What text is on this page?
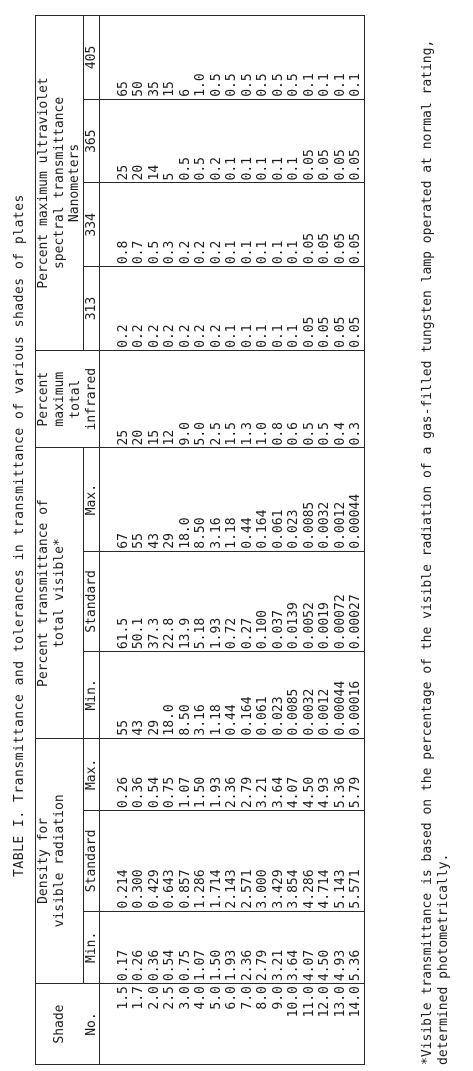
TABLE I. Transmittance and tolerances in transmittance of various shades of plates
	Density for			Percent transmittance of			Percent	Percent maximum ultraviolet			
Shade	visible radiation			total visible*			maximum	spectral transmittance			
							total	Nanometers			
No.	Min.	Standard	Max.	Min.	Standard	Max.	infrared	313	334	365	405

1.5	0.17	0.214	0.26	55	61.5	67	25	0.2	0.8	25	65
1.7	0.26	0.300	0.36	43	50.1	55	20	0.2	0.7	20	50
2.0	0.36	0.429	0.54	29	37.3	43	15	0.2	0.5	14	35
2.5	0.54	0.643	0.75	18.0	22.8	29	12	0.2	0.3	5	15
3.0	0.75	0.857	1.07	8.50	13.9	18.0	9.0	0.2	0.2	0.5	6
4.0	1.07	1.286	1.50	3.16	5.18	8.50	5.0	0.2	0.2	0.5	1.0
5.0	1.50	1.714	1.93	1.18	1.93	3.16	2.5	0.2	0.2	0.2	0.5
6.0	1.93	2.143	2.36	0.44	0.72	1.18	1.5	0.1	0.1	0.1	0.5
7.0	2.36	2.571	2.79	0.164	0.27	0.44	1.3	0.1	0.1	0.1	0.5
8.0	2.79	3.000	3.21	0.061	0.100	0.164	1.0	0.1	0.1	0.1	0.5
9.0	3.21	3.429	3.64	0.023	0.037	0.061	0.8	0.1	0.1	0.1	0.5
10.0	3.64	3.854	4.07	0.0085	0.0139	0.023	0.6	0.1	0.1	0.1	0.5
11.0	4.07	4.286	4.50	0.0032	0.0052	0.0085	0.5	0.05	0.05	0.05	0.1
12.0	4.50	4.714	4.93	0.0012	0.0019	0.0032	0.5	0.05	0.05	0.05	0.1
13.0	4.93	5.143	5.36	0.00044	0.00072	0.0012	0.4	0.05	0.05	0.05	0.1
14.0	5.36	5.571	5.79	0.00016	0.00027	0.00044	0.3	0.05	0.05	0.05	0.1	*Visible transmittance is based on the percentage of the visible radiation of a gas-filled tungsten lamp operated at normal rating, determined photometrically.
